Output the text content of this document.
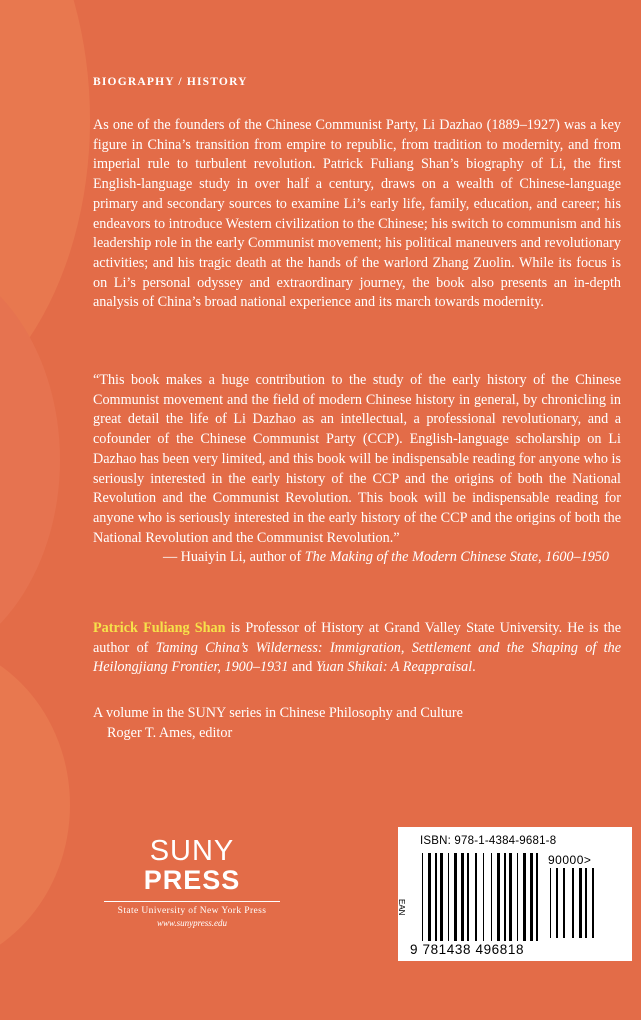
BIOGRAPHY / HISTORY

As one of the founders of the Chinese Communist Party, Li Dazhao (1889–1927) was a key figure in China’s transition from empire to republic, from tradition to modernity, and from imperial rule to turbulent revolution. Patrick Fuliang Shan’s biography of Li, the first English-language study in over half a century, draws on a wealth of Chinese-language primary and secondary sources to examine Li’s early life, family, education, and career; his endeavors to introduce Western civilization to the Chinese; his switch to communism and his leadership role in the early Communist movement; his political maneuvers and revolutionary activities; and his tragic death at the hands of the warlord Zhang Zuolin. While its focus is on Li’s personal odyssey and extraordinary journey, the book also presents an in-depth analysis of China’s broad national experience and its march towards modernity.

“This book makes a huge contribution to the study of the early history of the Chinese Communist movement and the field of modern Chinese history in general, by chronicling in great detail the life of Li Dazhao as an intellectual, a professional revolutionary, and a cofounder of the Chinese Communist Party (CCP). English-language scholarship on Li Dazhao has been very limited, and this book will be indispensable reading for anyone who is seriously interested in the early history of the CCP and the origins of both the National Revolution and the Communist Revolution. This book will be indispensable reading for anyone who is seriously interested in the early history of the CCP and the origins of both the National Revolution and the Communist Revolution.”

— Huaiyin Li, author of The Making of the Modern Chinese State, 1600–1950

Patrick Fuliang Shan is Professor of History at Grand Valley State University. He is the author of Taming China’s Wilderness: Immigration, Settlement and the Shaping of the Heilongjiang Frontier, 1900–1931 and Yuan Shikai: A Reappraisal.

A volume in the SUNY series in Chinese Philosophy and Culture
Roger T. Ames, editor
SUNY
PRESS
State University of New York Press
www.sunypress.edu
ISBN: 978-1-4384-9681-8
EAN
90000>
9 781438 496818
